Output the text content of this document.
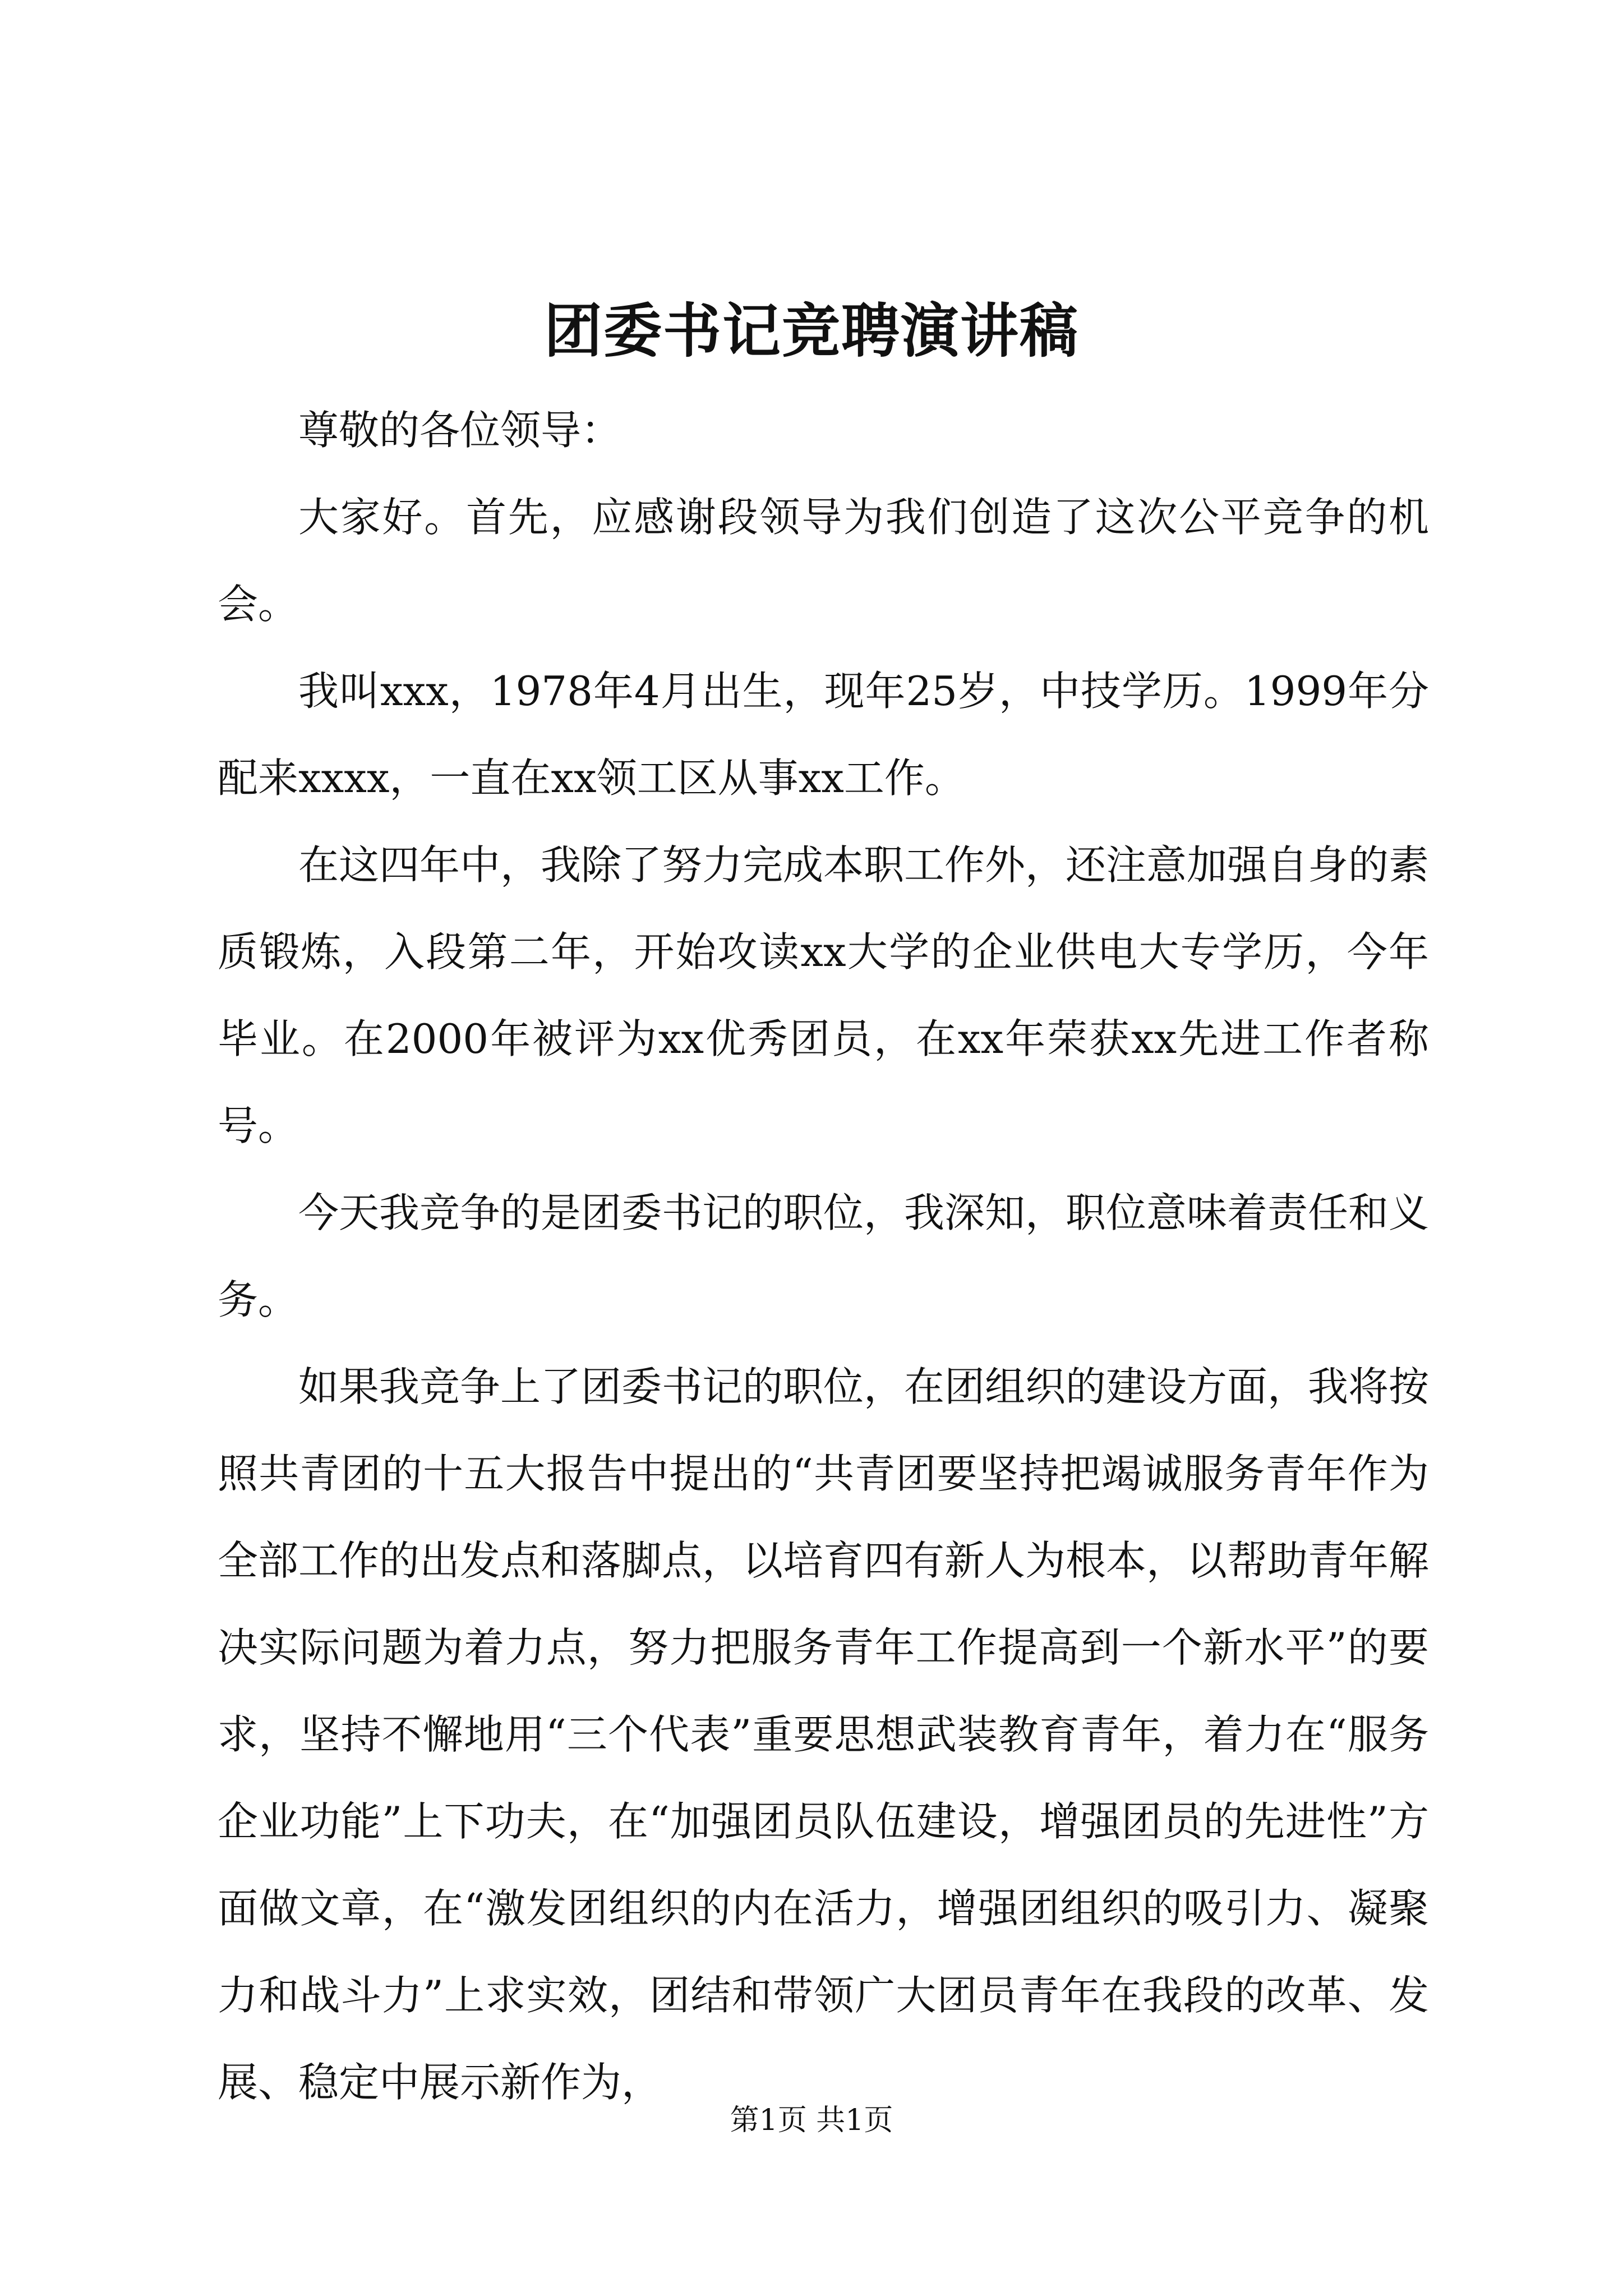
团委书记竞聘演讲稿

尊敬的各位领导：

大家好。首先，应感谢段领导为我们创造了这次公平竞争的机会。

我叫xxx，1978年4月出生，现年25岁，中技学历。1999年分配来xxxx，一直在xx领工区从事xx工作。

在这四年中，我除了努力完成本职工作外，还注意加强自身的素质锻炼，入段第二年，开始攻读xx大学的企业供电大专学历，今年毕业。在2000年被评为xx优秀团员，在xx年荣获xx先进工作者称号。

今天我竞争的是团委书记的职位，我深知，职位意味着责任和义务。

如果我竞争上了团委书记的职位，在团组织的建设方面，我将按照共青团的十五大报告中提出的“共青团要坚持把竭诚服务青年作为全部工作的出发点和落脚点，以培育四有新人为根本，以帮助青年解决实际问题为着力点，努力把服务青年工作提高到一个新水平”的要求，坚持不懈地用“三个代表”重要思想武装教育青年，着力在“服务企业功能”上下功夫，在“加强团员队伍建设，增强团员的先进性”方面做文章，在“激发团组织的内在活力，增强团组织的吸引力、凝聚力和战斗力”上求实效，团结和带领广大团员青年在我段的改革、发展、稳定中展示新作为，

第1页 共1页
